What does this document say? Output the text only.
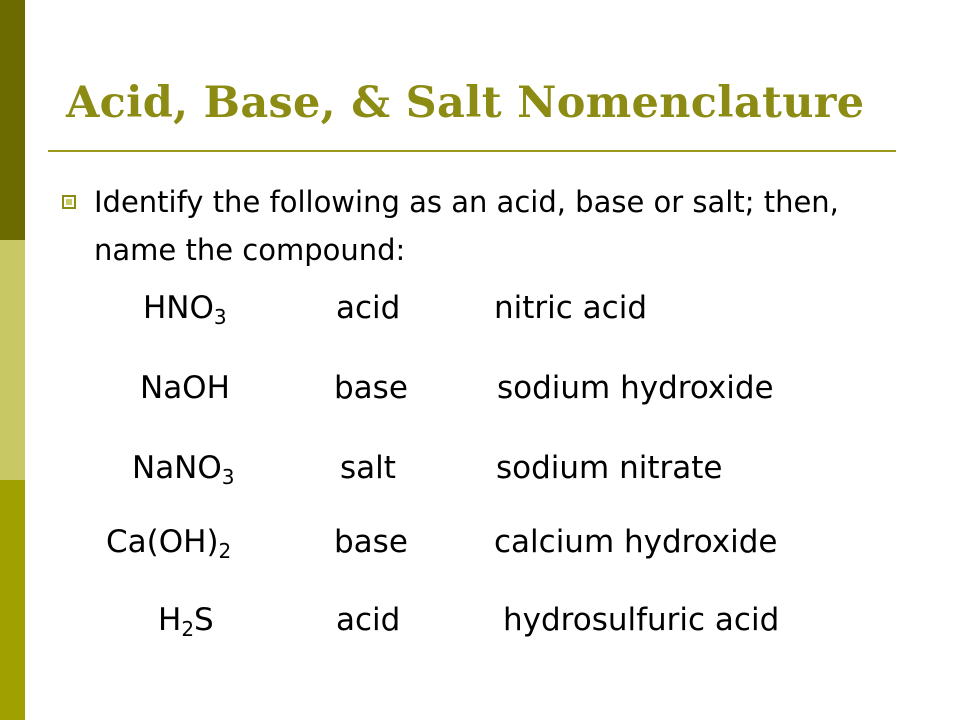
Acid, Base, & Salt Nomenclature
Identify the following as an acid, base or salt; then, name the compound:
$HNO_3$	acid	nitric acid
NaOH	base	sodium hydroxide
NaNO$_3$	salt	sodium nitrate
$Ca(OH)_2$	base	calcium hydroxide
$H_2S$	acid	hydrosulfuric acid
